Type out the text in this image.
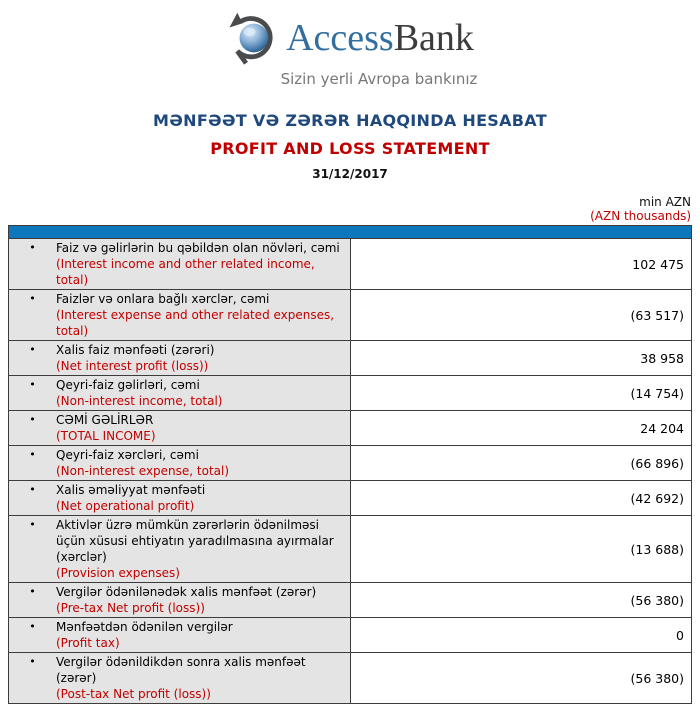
AccessBank
Sizin yerli Avropa bankınız
MƏNFƏƏT VƏ ZƏRƏR HAQQINDA HESABAT
PROFIT AND LOSS STATEMENT
31/12/2017
min AZN
(AZN thousands)

• Faiz və gəlirlərin bu qəbildən olan növləri, cəmi
(Interest income and other related income, total)	102 475

• Faizlər və onlara bağlı xərclər, cəmi
(Interest expense and other related expenses, total)	(63 517)

• Xalis faiz mənfəəti (zərəri)
(Net interest profit (loss))	38 958

• Qeyri-faiz gəlirləri, cəmi
(Non-interest income, total)	(14 754)

• CƏMİ GƏLİRLƏR
(TOTAL INCOME)	24 204

• Qeyri-faiz xərcləri, cəmi
(Non-interest expense, total)	(66 896)

• Xalis əməliyyat mənfəəti
(Net operational profit)	(42 692)

• Aktivlər üzrə mümkün zərərlərin ödənilməsi üçün xüsusi ehtiyatın yaradılmasına ayırmalar (xərclər)
(Provision expenses)	(13 688)

• Vergilər ödənilənədək xalis mənfəət (zərər)
(Pre-tax Net profit (loss))	(56 380)

• Mənfəətdən ödənilən vergilər
(Profit tax)	0

• Vergilər ödənildikdən sonra xalis mənfəət (zərər)
(Post-tax Net profit (loss))	(56 380)
